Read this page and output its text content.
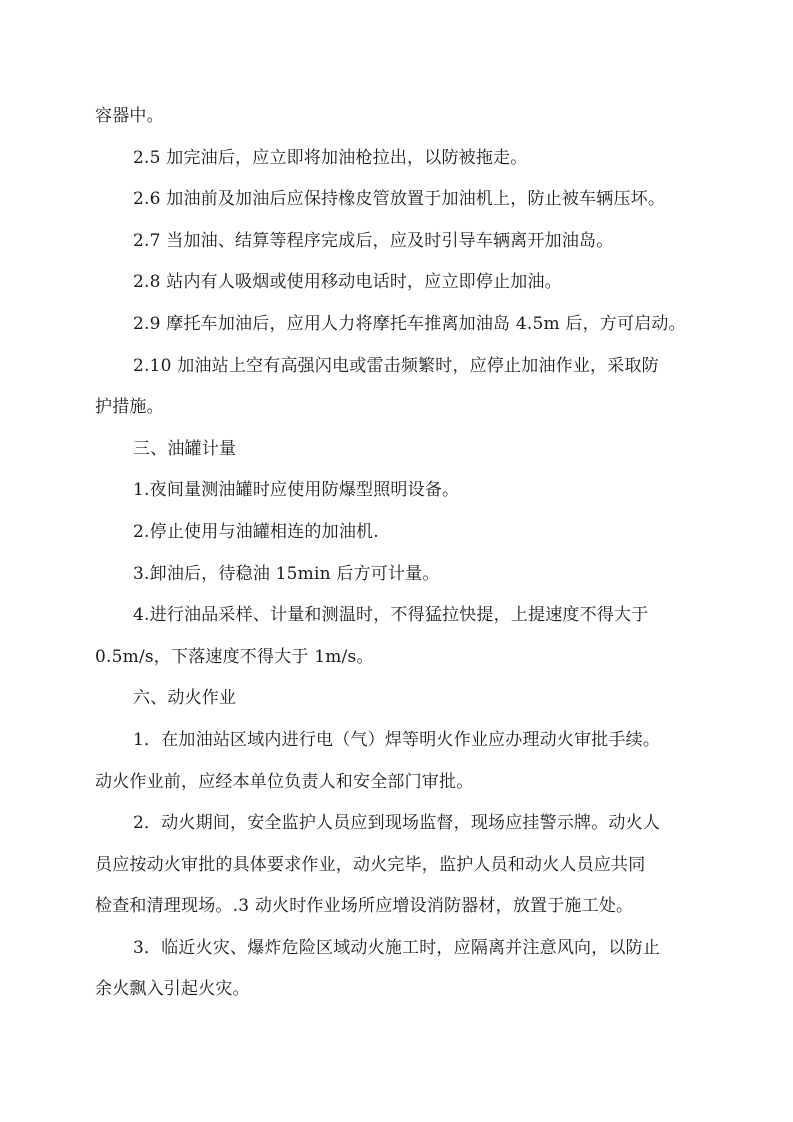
容器中。
2.5 加完油后，应立即将加油枪拉出，以防被拖走。
2.6 加油前及加油后应保持橡皮管放置于加油机上，防止被车辆压坏。
2.7 当加油、结算等程序完成后，应及时引导车辆离开加油岛。
2.8 站内有人吸烟或使用移动电话时，应立即停止加油。
2.9 摩托车加油后，应用人力将摩托车推离加油岛 4.5m 后，方可启动。
2.10 加油站上空有高强闪电或雷击频繁时，应停止加油作业，采取防
护措施。
三、油罐计量
1.夜间量测油罐时应使用防爆型照明设备。
2.停止使用与油罐相连的加油机.
3.卸油后，待稳油 15min 后方可计量。
4.进行油品采样、计量和测温时，不得猛拉快提，上提速度不得大于
0.5m/s，下落速度不得大于 1m/s。
六、动火作业
1．在加油站区域内进行电（气）焊等明火作业应办理动火审批手续。
动火作业前，应经本单位负责人和安全部门审批。
2．动火期间，安全监护人员应到现场监督，现场应挂警示牌。动火人
员应按动火审批的具体要求作业，动火完毕，监护人员和动火人员应共同
检查和清理现场。.3 动火时作业场所应增设消防器材，放置于施工处。
3．临近火灾、爆炸危险区域动火施工时，应隔离并注意风向，以防止
余火飘入引起火灾。
